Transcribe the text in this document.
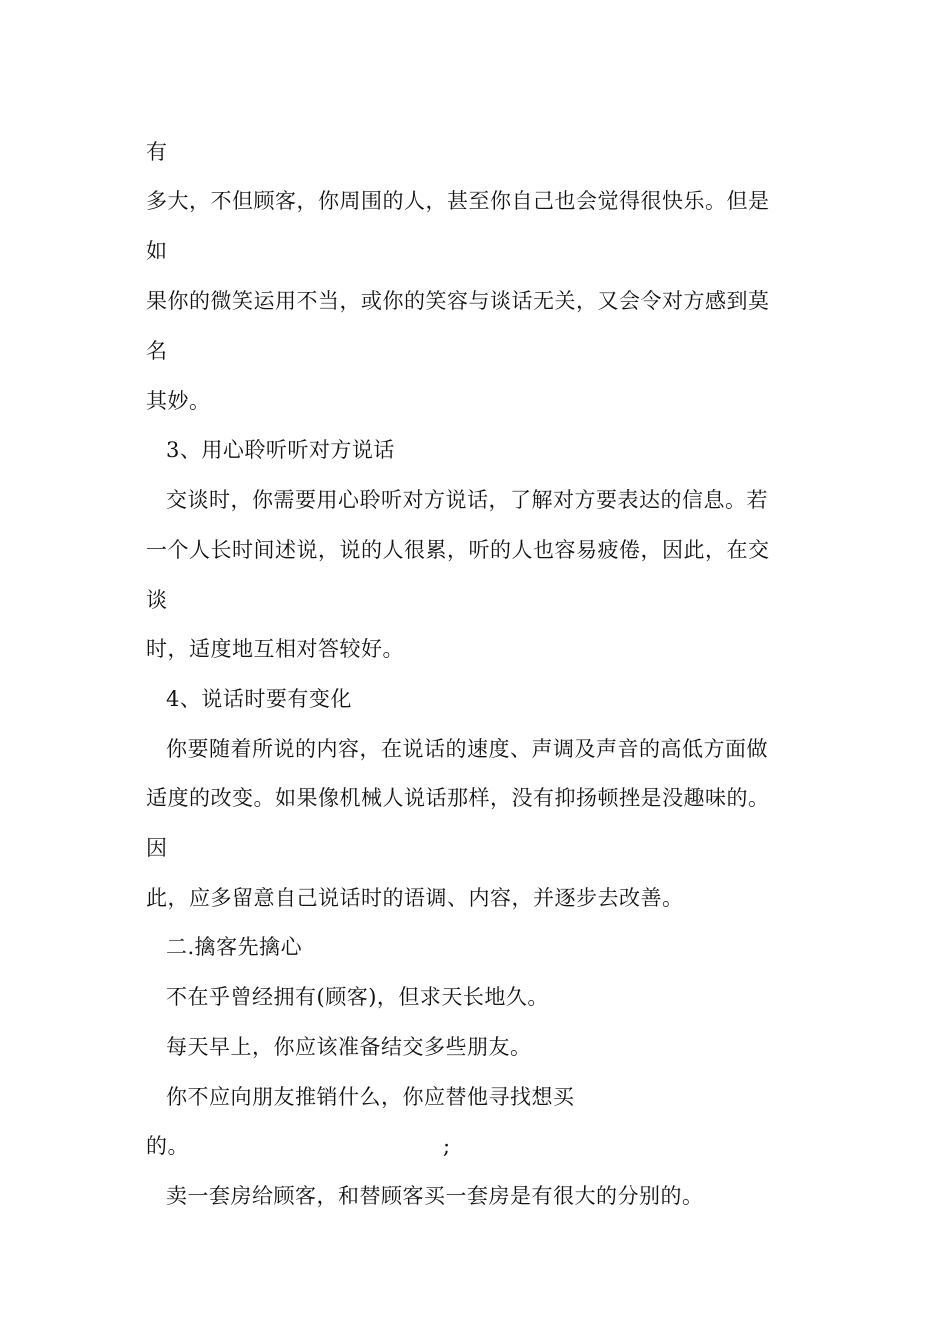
有
多大，不但顾客，你周围的人，甚至你自己也会觉得很快乐。但是
如
果你的微笑运用不当，或你的笑容与谈话无关，又会令对方感到莫
名
其妙。
3、用心聆听听对方说话
交谈时，你需要用心聆听对方说话，了解对方要表达的信息。若
一个人长时间述说，说的人很累，听的人也容易疲倦，因此，在交
谈
时，适度地互相对答较好。
4、说话时要有变化
你要随着所说的内容，在说话的速度、声调及声音的高低方面做
适度的改变。如果像机械人说话那样，没有抑扬顿挫是没趣味的。
因
此，应多留意自己说话时的语调、内容，并逐步去改善。
二.擒客先擒心
不在乎曾经拥有(顾客)，但求天长地久。
每天早上，你应该准备结交多些朋友。
你不应向朋友推销什么，你应替他寻找想买
的。	;
卖一套房给顾客，和替顾客买一套房是有很大的分别的。
